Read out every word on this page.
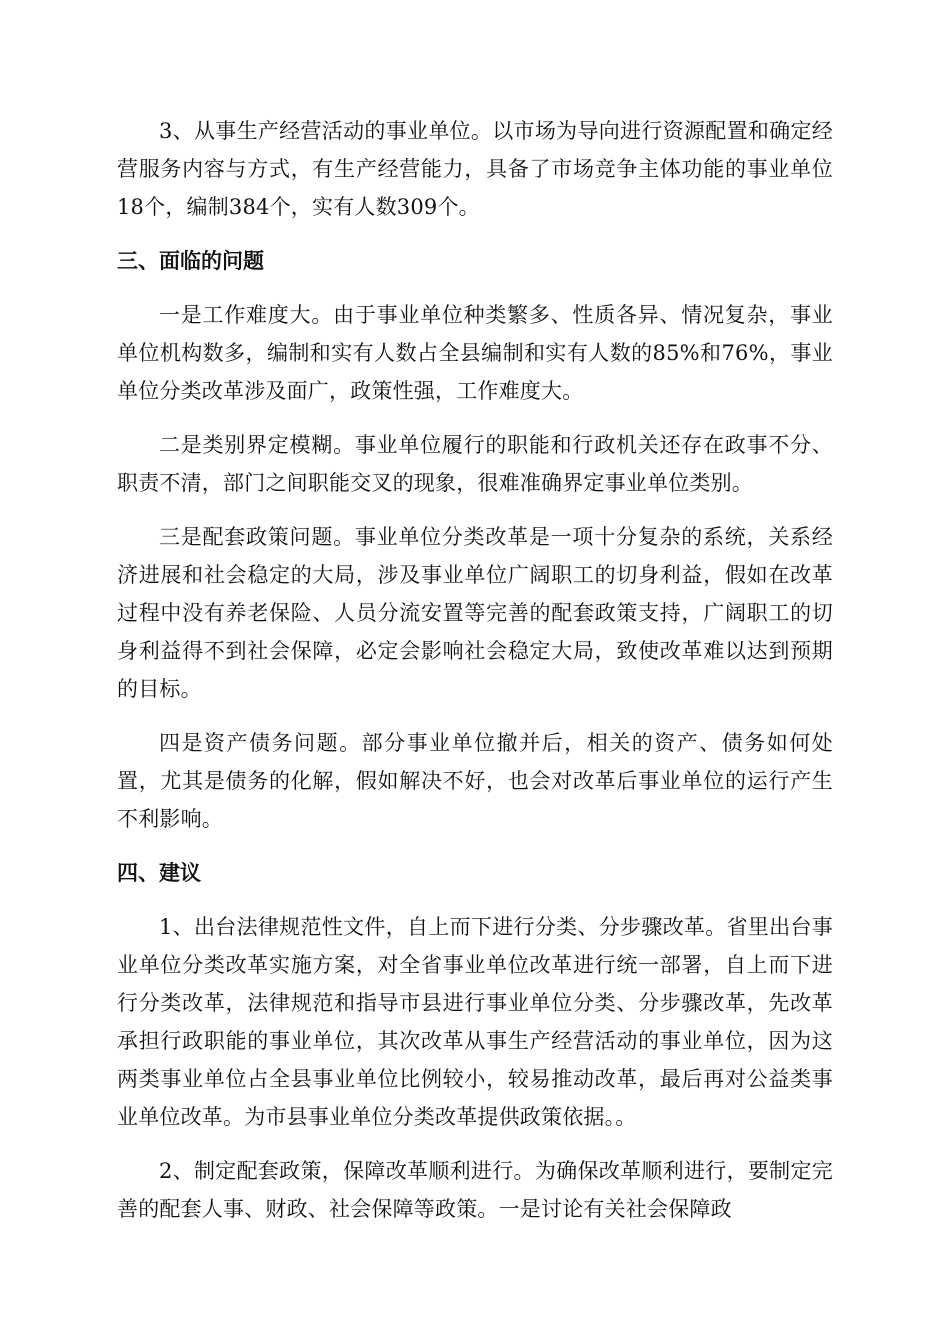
3、从事生产经营活动的事业单位。以市场为导向进行资源配置和确定经营服务内容与方式，有生产经营能力，具备了市场竞争主体功能的事业单位18个，编制384个，实有人数309个。

三、面临的问题

一是工作难度大。由于事业单位种类繁多、性质各异、情况复杂，事业单位机构数多，编制和实有人数占全县编制和实有人数的85%和76%，事业单位分类改革涉及面广，政策性强，工作难度大。

二是类别界定模糊。事业单位履行的职能和行政机关还存在政事不分、职责不清，部门之间职能交叉的现象，很难准确界定事业单位类别。

三是配套政策问题。事业单位分类改革是一项十分复杂的系统，关系经济进展和社会稳定的大局，涉及事业单位广阔职工的切身利益，假如在改革过程中没有养老保险、人员分流安置等完善的配套政策支持，广阔职工的切身利益得不到社会保障，必定会影响社会稳定大局，致使改革难以达到预期的目标。

四是资产债务问题。部分事业单位撤并后，相关的资产、债务如何处置，尤其是债务的化解，假如解决不好，也会对改革后事业单位的运行产生不利影响。

四、建议

1、出台法律规范性文件，自上而下进行分类、分步骤改革。省里出台事业单位分类改革实施方案，对全省事业单位改革进行统一部署，自上而下进行分类改革，法律规范和指导市县进行事业单位分类、分步骤改革，先改革承担行政职能的事业单位，其次改革从事生产经营活动的事业单位，因为这两类事业单位占全县事业单位比例较小，较易推动改革，最后再对公益类事业单位改革。为市县事业单位分类改革提供政策依据。。

2、制定配套政策，保障改革顺利进行。为确保改革顺利进行，要制定完善的配套人事、财政、社会保障等政策。一是讨论有关社会保障政
